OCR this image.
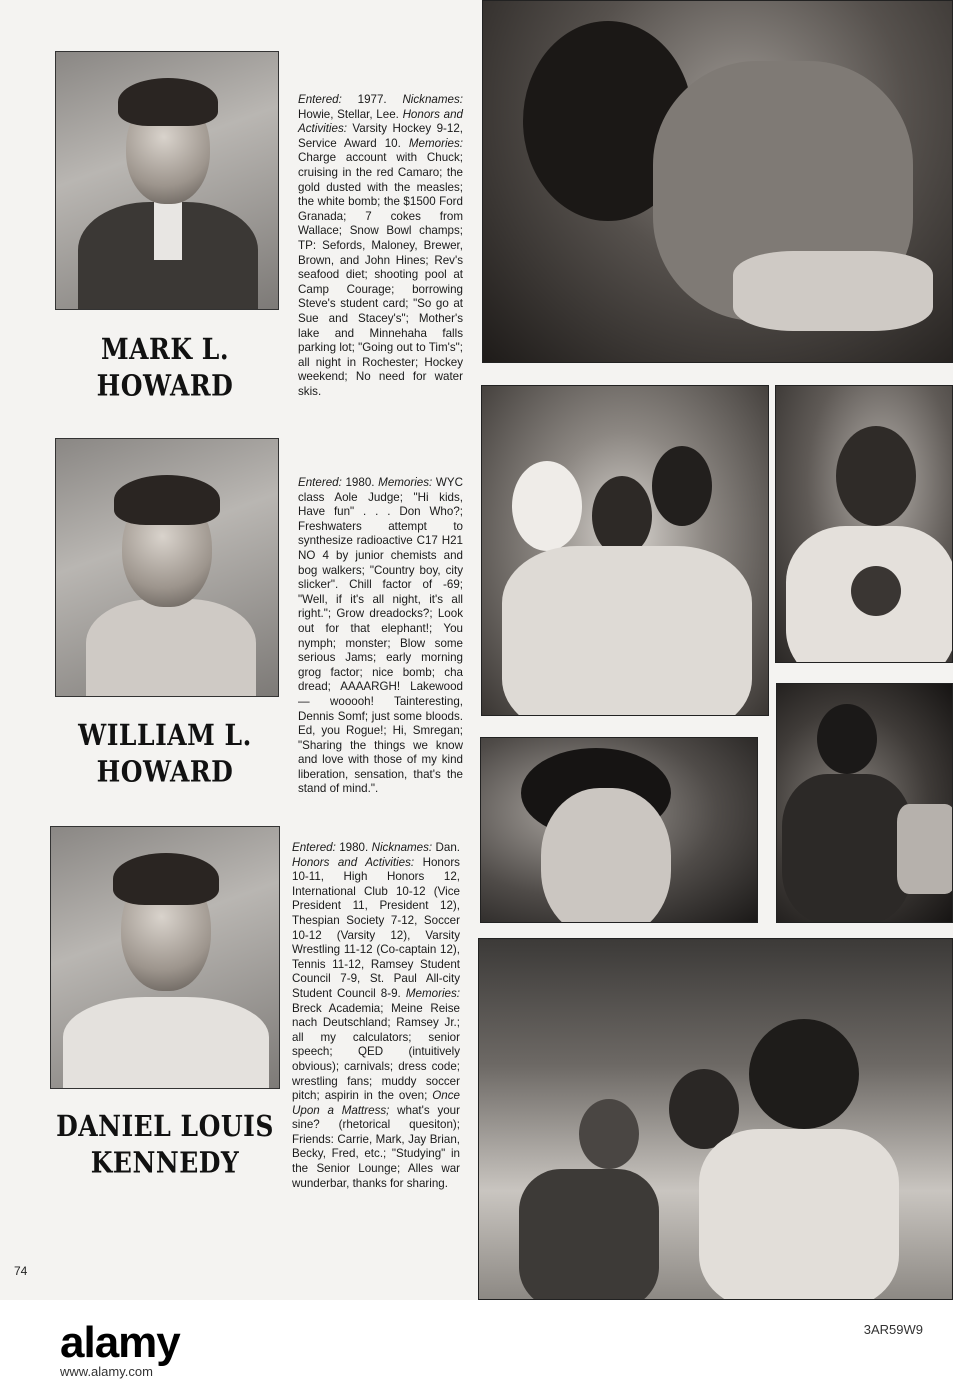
MARK L.
HOWARD
Entered: 1977. Nicknames: Howie, Stellar, Lee. Honors and Activities: Varsity Hockey 9-12, Service Award 10. Memories: Charge account with Chuck; cruising in the red Camaro; the gold dusted with the measles; the white bomb; the $1500 Ford Granada; 7 cokes from Wallace; Snow Bowl champs; TP: Sefords, Maloney, Brewer, Brown, and John Hines; Rev's seafood diet; shooting pool at Camp Courage; borrowing Steve's student card; "So go at Sue and Stacey's"; Mother's lake and Minnehaha falls parking lot; "Going out to Tim's"; all night in Rochester; Hockey weekend; No need for water skis.
WILLIAM L.
HOWARD
Entered: 1980. Memories: WYC class Aole Judge; "Hi kids, Have fun" . . . Don Who?; Freshwaters attempt to synthesize radioactive C17 H21 NO 4 by junior chemists and bog walkers; "Country boy, city slicker". Chill factor of -69; "Well, if it's all night, it's all right."; Grow dreadocks?; Look out for that elephant!; You nymph; monster; Blow some serious Jams; early morning grog factor; nice bomb; cha dread; AAAARGH! Lakewood — wooooh! Tainteresting, Dennis Somf; just some bloods. Ed, you Rogue!; Hi, Smregan; "Sharing the things we know and love with those of my kind liberation, sensation, that's the stand of mind.".
DANIEL LOUIS
KENNEDY
Entered: 1980. Nicknames: Dan. Honors and Activities: Honors 10-11, High Honors 12, International Club 10-12 (Vice President 11, President 12), Thespian Society 7-12, Soccer 10-12 (Varsity 12), Varsity Wrestling 11-12 (Co-captain 12), Tennis 11-12, Ramsey Student Council 7-9, St. Paul All-city Student Council 8-9. Memories: Breck Academia; Meine Reise nach Deutschland; Ramsey Jr.; all my calculators; senior speech; QED (intuitively obvious); carnivals; dress code; wrestling fans; muddy soccer pitch; aspirin in the oven; Once Upon a Mattress; what's your sine? (rhetorical quesiton); Friends: Carrie, Mark, Jay Brian, Becky, Fred, etc.; "Studying" in the Senior Lounge; Alles war wunderbar, thanks for sharing.
74
alamy
www.alamy.com
3AR59W9
